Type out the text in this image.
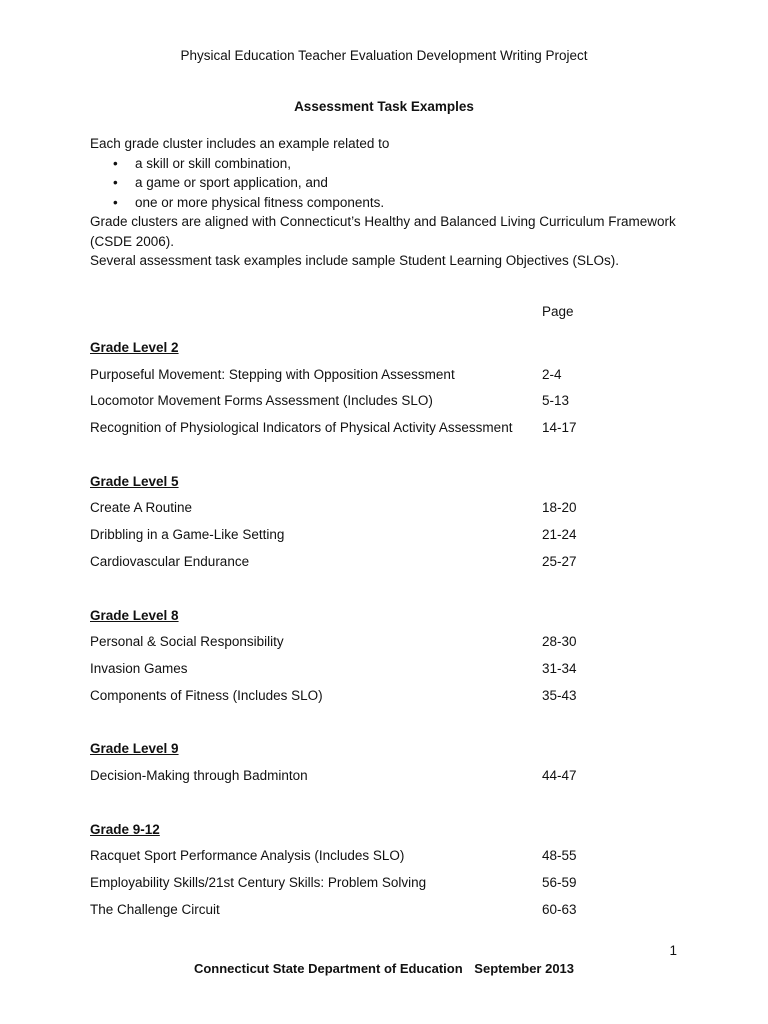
Physical Education Teacher Evaluation Development Writing Project
Assessment Task Examples

Each grade cluster includes an example related to

• a skill or skill combination,
• a game or sport application, and
• one or more physical fitness components.

Grade clusters are aligned with Connecticut’s Healthy and Balanced Living Curriculum Framework (CSDE 2006).

Several assessment task examples include sample Student Learning Objectives (SLOs).

Page
Grade Level 2
Purposeful Movement: Stepping with Opposition Assessment	2-4
Locomotor Movement Forms Assessment (Includes SLO)	5-13
Recognition of Physiological Indicators of Physical Activity Assessment	14-17
Grade Level 5
Create A Routine	18-20
Dribbling in a Game-Like Setting	21-24
Cardiovascular Endurance	25-27
Grade Level 8
Personal & Social Responsibility	28-30
Invasion Games	31-34
Components of Fitness (Includes SLO)	35-43
Grade Level 9
Decision-Making through Badminton	44-47
Grade 9-12
Racquet Sport Performance Analysis (Includes SLO)	48-55
Employability Skills/21st Century Skills: Problem Solving	56-59
The Challenge Circuit	60-63
1
Connecticut State Department of Education September 2013
